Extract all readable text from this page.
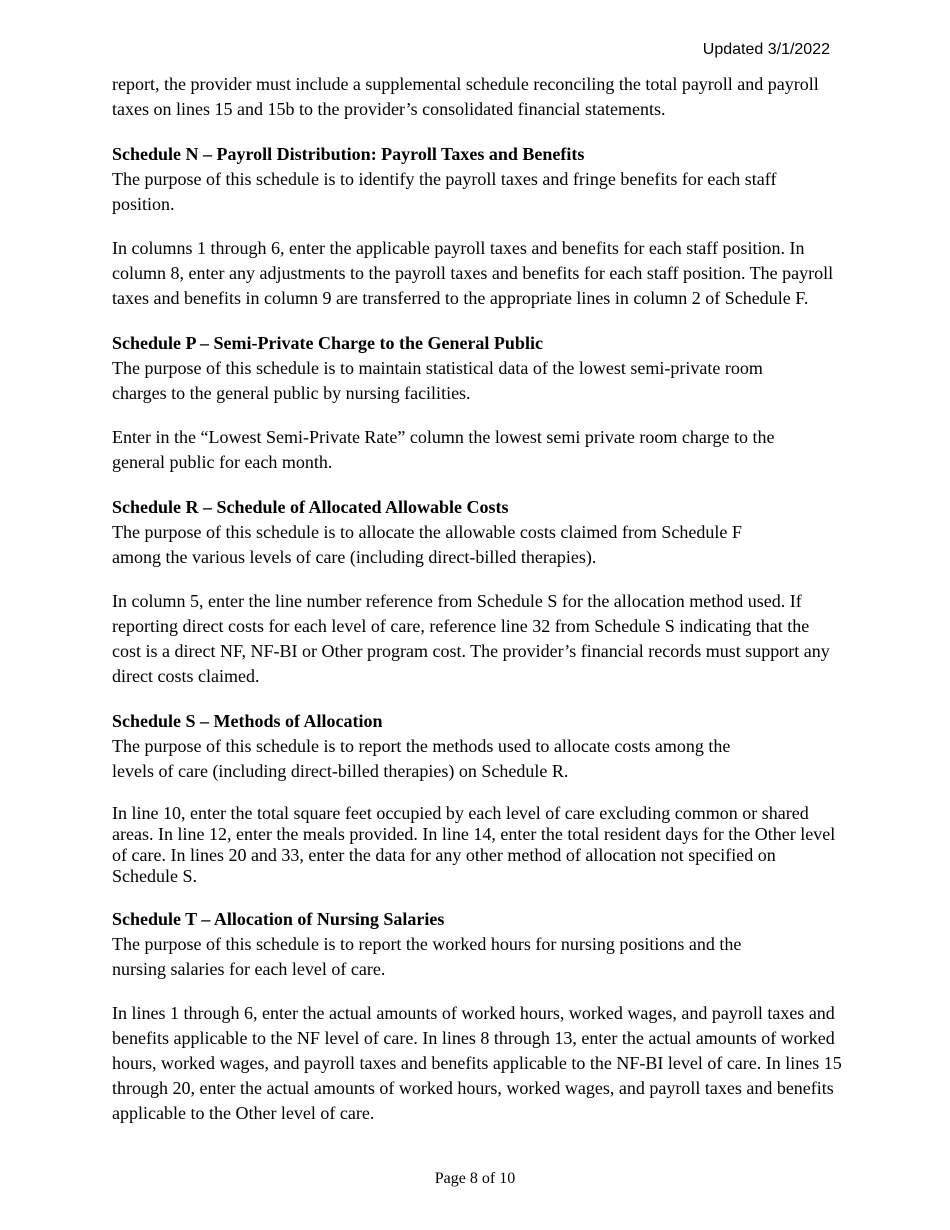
Updated 3/1/2022

report, the provider must include a supplemental schedule reconciling the total payroll and payroll taxes on lines 15 and 15b to the provider’s consolidated financial statements.

Schedule N – Payroll Distribution: Payroll Taxes and Benefits

The purpose of this schedule is to identify the payroll taxes and fringe benefits for each staff position.

In columns 1 through 6, enter the applicable payroll taxes and benefits for each staff position. In column 8, enter any adjustments to the payroll taxes and benefits for each staff position. The payroll taxes and benefits in column 9 are transferred to the appropriate lines in column 2 of Schedule F.

Schedule P – Semi-Private Charge to the General Public

The purpose of this schedule is to maintain statistical data of the lowest semi-private room charges to the general public by nursing facilities.

Enter in the “Lowest Semi-Private Rate” column the lowest semi private room charge to the general public for each month.

Schedule R – Schedule of Allocated Allowable Costs

The purpose of this schedule is to allocate the allowable costs claimed from Schedule F among the various levels of care (including direct-billed therapies).

In column 5, enter the line number reference from Schedule S for the allocation method used. If reporting direct costs for each level of care, reference line 32 from Schedule S indicating that the cost is a direct NF, NF-BI or Other program cost. The provider’s financial records must support any direct costs claimed.

Schedule S – Methods of Allocation

The purpose of this schedule is to report the methods used to allocate costs among the levels of care (including direct-billed therapies) on Schedule R.

In line 10, enter the total square feet occupied by each level of care excluding common or shared areas. In line 12, enter the meals provided. In line 14, enter the total resident days for the Other level of care. In lines 20 and 33, enter the data for any other method of allocation not specified on Schedule S.

Schedule T – Allocation of Nursing Salaries

The purpose of this schedule is to report the worked hours for nursing positions and the nursing salaries for each level of care.

In lines 1 through 6, enter the actual amounts of worked hours, worked wages, and payroll taxes and benefits applicable to the NF level of care. In lines 8 through 13, enter the actual amounts of worked hours, worked wages, and payroll taxes and benefits applicable to the NF-BI level of care. In lines 15 through 20, enter the actual amounts of worked hours, worked wages, and payroll taxes and benefits applicable to the Other level of care.

Page 8 of 10
